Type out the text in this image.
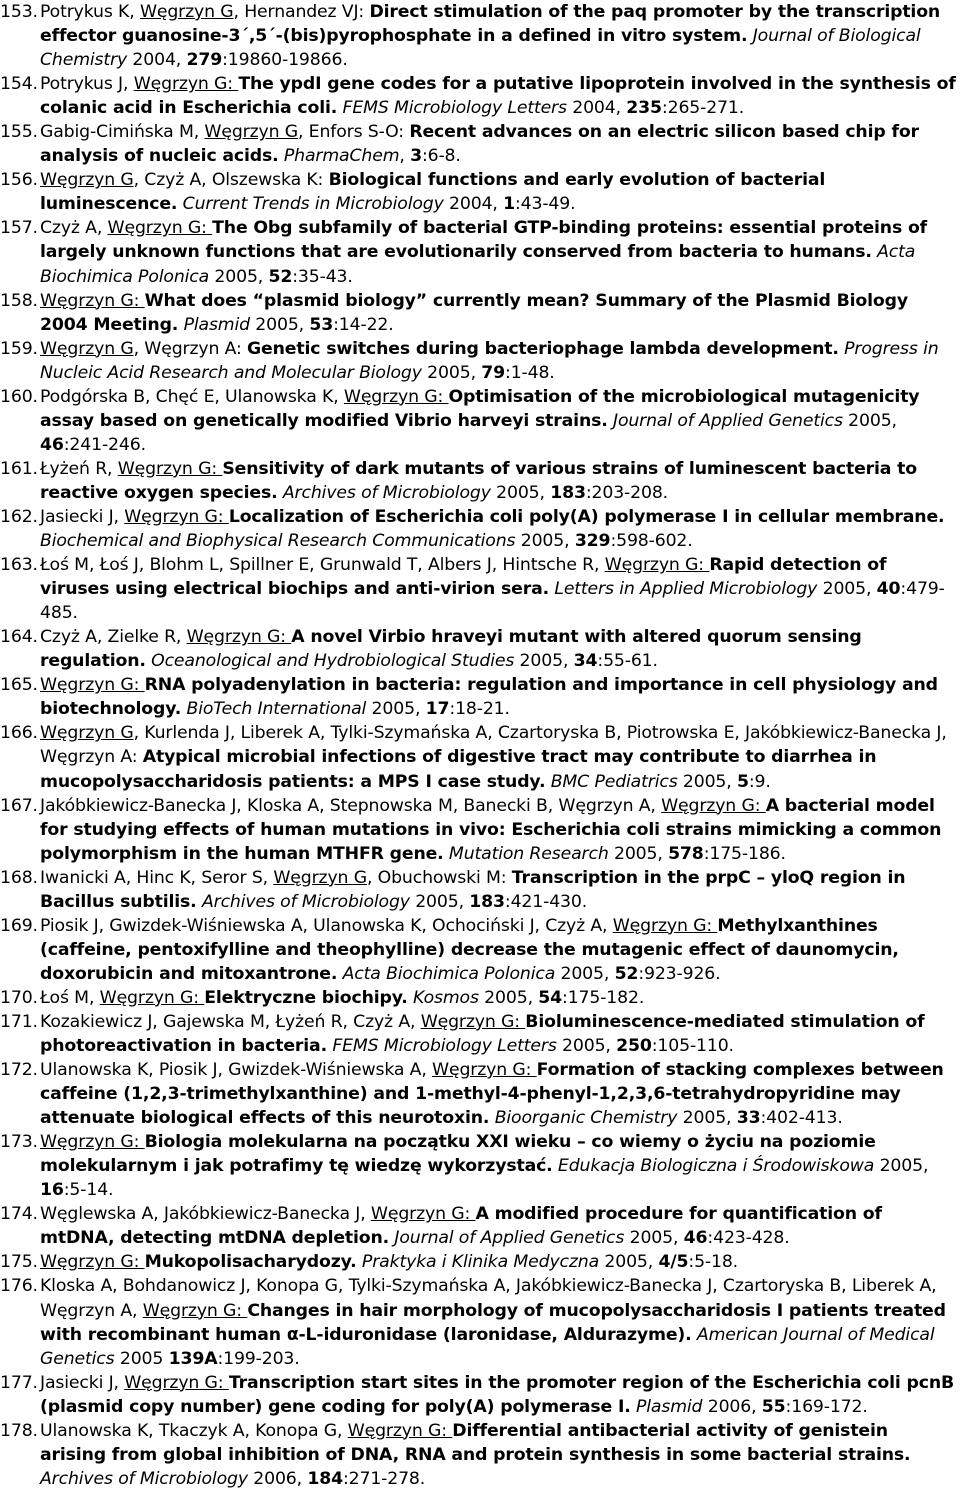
153. Potrykus K, Węgrzyn G, Hernandez VJ: Direct stimulation of the paq promoter by the transcription effector guanosine-3´,5´-(bis)pyrophosphate in a defined in vitro system. Journal of Biological Chemistry 2004, 279:19860-19866.
154. Potrykus J, Węgrzyn G: The ypdI gene codes for a putative lipoprotein involved in the synthesis of colanic acid in Escherichia coli. FEMS Microbiology Letters 2004, 235:265-271.
155. Gabig-Cimińska M, Węgrzyn G, Enfors S-O: Recent advances on an electric silicon based chip for analysis of nucleic acids. PharmaChem, 3:6-8.
156. Węgrzyn G, Czyż A, Olszewska K: Biological functions and early evolution of bacterial luminescence. Current Trends in Microbiology 2004, 1:43-49.
157. Czyż A, Węgrzyn G: The Obg subfamily of bacterial GTP-binding proteins: essential proteins of largely unknown functions that are evolutionarily conserved from bacteria to humans. Acta Biochimica Polonica 2005, 52:35-43.
158. Węgrzyn G: What does “plasmid biology” currently mean? Summary of the Plasmid Biology 2004 Meeting. Plasmid 2005, 53:14-22.
159. Węgrzyn G, Węgrzyn A: Genetic switches during bacteriophage lambda development. Progress in Nucleic Acid Research and Molecular Biology 2005, 79:1-48.
160. Podgórska B, Chęć E, Ulanowska K, Węgrzyn G: Optimisation of the microbiological mutagenicity assay based on genetically modified Vibrio harveyi strains. Journal of Applied Genetics 2005, 46:241-246.
161. Łyżeń R, Węgrzyn G: Sensitivity of dark mutants of various strains of luminescent bacteria to reactive oxygen species. Archives of Microbiology 2005, 183:203-208.
162. Jasiecki J, Węgrzyn G: Localization of Escherichia coli poly(A) polymerase I in cellular membrane. Biochemical and Biophysical Research Communications 2005, 329:598-602.
163. Łoś M, Łoś J, Blohm L, Spillner E, Grunwald T, Albers J, Hintsche R, Węgrzyn G: Rapid detection of viruses using electrical biochips and anti-virion sera. Letters in Applied Microbiology 2005, 40:479-485.
164. Czyż A, Zielke R, Węgrzyn G: A novel Virbio hraveyi mutant with altered quorum sensing regulation. Oceanological and Hydrobiological Studies 2005, 34:55-61.
165. Węgrzyn G: RNA polyadenylation in bacteria: regulation and importance in cell physiology and biotechnology. BioTech International 2005, 17:18-21.
166. Węgrzyn G, Kurlenda J, Liberek A, Tylki-Szymańska A, Czartoryska B, Piotrowska E, Jakóbkiewicz-Banecka J, Węgrzyn A: Atypical microbial infections of digestive tract may contribute to diarrhea in mucopolysaccharidosis patients: a MPS I case study. BMC Pediatrics 2005, 5:9.
167. Jakóbkiewicz-Banecka J, Kloska A, Stepnowska M, Banecki B, Węgrzyn A, Węgrzyn G: A bacterial model for studying effects of human mutations in vivo: Escherichia coli strains mimicking a common polymorphism in the human MTHFR gene. Mutation Research 2005, 578:175-186.
168. Iwanicki A, Hinc K, Seror S, Węgrzyn G, Obuchowski M: Transcription in the prpC – yloQ region in Bacillus subtilis. Archives of Microbiology 2005, 183:421-430.
169. Piosik J, Gwizdek-Wiśniewska A, Ulanowska K, Ochociński J, Czyż A, Węgrzyn G: Methylxanthines (caffeine, pentoxifylline and theophylline) decrease the mutagenic effect of daunomycin, doxorubicin and mitoxantrone. Acta Biochimica Polonica 2005, 52:923-926.
170. Łoś M, Węgrzyn G: Elektryczne biochipy. Kosmos 2005, 54:175-182.
171. Kozakiewicz J, Gajewska M, Łyżeń R, Czyż A, Węgrzyn G: Bioluminescence-mediated stimulation of photoreactivation in bacteria. FEMS Microbiology Letters 2005, 250:105-110.
172. Ulanowska K, Piosik J, Gwizdek-Wiśniewska A, Węgrzyn G: Formation of stacking complexes between caffeine (1,2,3-trimethylxanthine) and 1-methyl-4-phenyl-1,2,3,6-tetrahydropyridine may attenuate biological effects of this neurotoxin. Bioorganic Chemistry 2005, 33:402-413.
173. Węgrzyn G: Biologia molekularna na początku XXI wieku – co wiemy o życiu na poziomie molekularnym i jak potrafimy tę wiedzę wykorzystać. Edukacja Biologiczna i Środowiskowa 2005, 16:5-14.
174. Węglewska A, Jakóbkiewicz-Banecka J, Węgrzyn G: A modified procedure for quantification of mtDNA, detecting mtDNA depletion. Journal of Applied Genetics 2005, 46:423-428.
175. Węgrzyn G: Mukopolisacharydozy. Praktyka i Klinika Medyczna 2005, 4/5:5-18.
176. Kloska A, Bohdanowicz J, Konopa G, Tylki-Szymańska A, Jakóbkiewicz-Banecka J, Czartoryska B, Liberek A, Węgrzyn A, Węgrzyn G: Changes in hair morphology of mucopolysaccharidosis I patients treated with recombinant human α-L-iduronidase (laronidase, Aldurazyme). American Journal of Medical Genetics 2005 139A:199-203.
177. Jasiecki J, Węgrzyn G: Transcription start sites in the promoter region of the Escherichia coli pcnB (plasmid copy number) gene coding for poly(A) polymerase I. Plasmid 2006, 55:169-172.
178. Ulanowska K, Tkaczyk A, Konopa G, Węgrzyn G: Differential antibacterial activity of genistein arising from global inhibition of DNA, RNA and protein synthesis in some bacterial strains. Archives of Microbiology 2006, 184:271-278.
